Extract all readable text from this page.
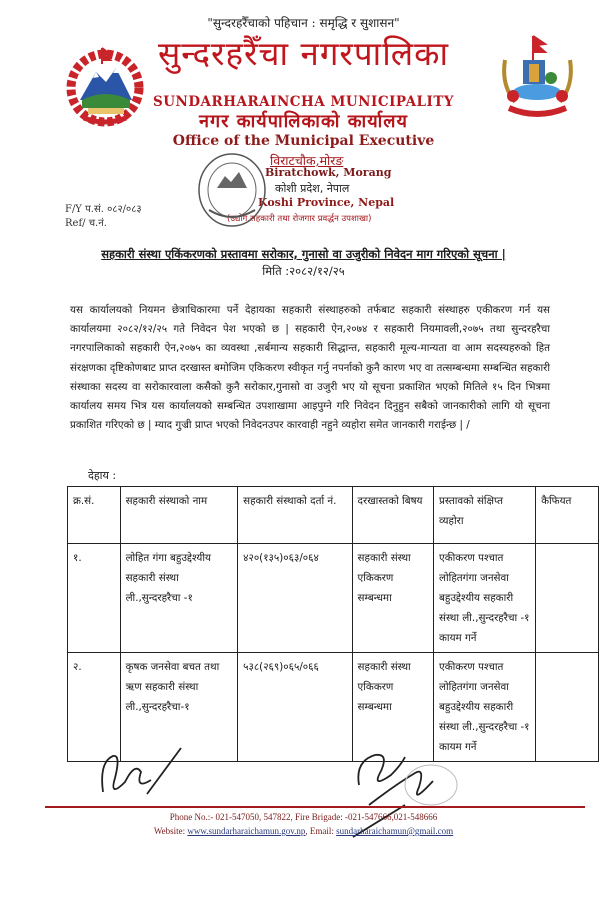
"सुन्दरहरैँचाको पहिचान : समृद्धि र सुशासन"
सुन्दरहरैँचा नगरपालिका
SUNDARHARAINCHA MUNICIPALITY
नगर कार्यपालिकाको कार्यालय
Office of the Municipal Executive
विराटचौक,मोरङ
Biratchowk, Morang
कोशी प्रदेश, नेपाल
Koshi Province, Nepal
(उद्योग,सहकारी तथा रोजगार प्रवर्द्धन उपशाखा)
F/Y प.सं. ०८२/०८३
Ref/ च.नं.
सहकारी संस्था एकिंकरणको प्रस्तावमा सरोकार, गुनासो वा उजुरीको निवेदन माग गरिएको सूचना |
मिति :२०८२/१२/२५
यस कार्यालयको नियमन छेत्राधिकारमा पर्ने देहायका सहकारी संस्थाहरुको तर्फबाट सहकारी संस्थाहरु एकीकरण गर्न यस कार्यालयमा २०८२/१२/२५ गते निवेदन पेश भएको छ | सहकारी ऐन,२०७४ र सहकारी नियमावली,२०७५ तथा सुन्दरहरैचा नगरपालिकाको सहकारी ऐन,२०७५ का व्यवस्था ,सर्बमान्य सहकारी सिद्धान्त, सहकारी मूल्य-मान्यता वा आम सदस्यहरुको हित संरक्षणका दृष्टिकोणबाट प्राप्त दरखास्त बमोजिम एकिकरण स्वीकृत गर्नु नपर्नाको कुनै कारण भए वा तत्सम्बन्धमा सम्बन्धित सहकारी संस्थाका सदस्य वा सरोकारवाला कसैको कुनै सरोकार,गुनासो वा उजुरी भए यो सूचना प्रकाशित भएको मितिले १५ दिन भित्रमा कार्यालय समय भित्र यस कार्यालयको सम्बन्धित उपशाखामा आइपुग्ने गरि निवेदन दिनुहुन सबैको जानकारीको लागि यो सूचना प्रकाशित गरिएको छ | म्याद गुज्री प्राप्त भएको निवेदनउपर कारवाही नहुने व्यहोरा समेत जानकारी गराईन्छ | /
देहाय :
क्र.सं.	सहकारी संस्थाको नाम	सहकारी संस्थाको दर्ता नं.	दरखास्तको बिषय	प्रस्तावको संक्षिप्त व्यहोरा	कैफियत
१.	लोहित गंगा बहुउद्देश्यीय सहकारी संस्था ली.,सुन्दरहरैचा -१	४२०(१३५)०६३/०६४	सहकारी संस्था एकिकरण सम्बन्धमा	एकीकरण पश्चात लोहितगंगा जनसेवा बहुउद्देश्यीय सहकारी संस्था ली.,सुन्दरहरैचा -१ कायम गर्ने	
२.	कृषक जनसेवा बचत तथा ऋण सहकारी संस्था ली.,सुन्दरहरैचा-१	५३८(२६९)०६५/०६६	सहकारी संस्था एकिकरण सम्बन्धमा	एकीकरण पश्चात लोहितगंगा जनसेवा बहुउद्देश्यीय सहकारी संस्था ली.,सुन्दरहरैचा -१ कायम गर्ने	
Phone No.:- 021-547050, 547822, Fire Brigade: -021-547666,021-548666
Website: www.sundarharaichamun.gov.np, Email: sundarharaichamun@gmail.com
